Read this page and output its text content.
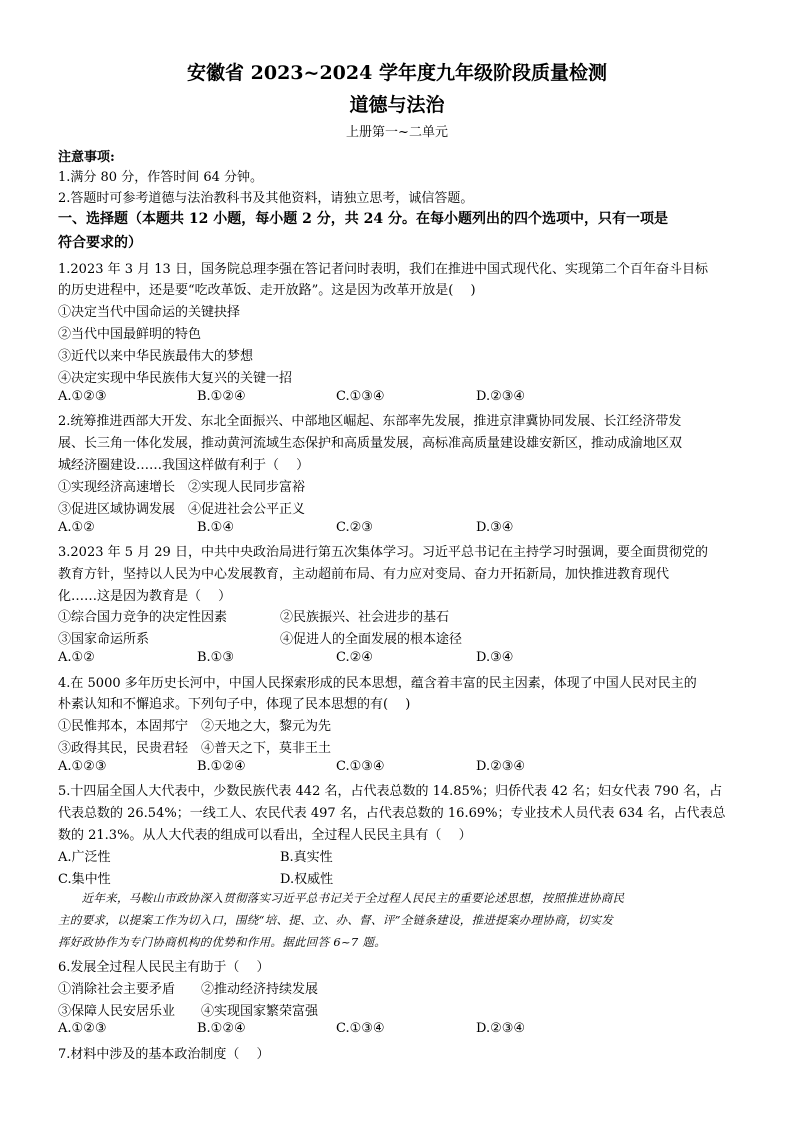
安徽省 2023~2024 学年度九年级阶段质量检测
道德与法治
上册第一~二单元
注意事项:
1.满分 80 分，作答时间 64 分钟。
2.答题时可参考道德与法治教科书及其他资料，请独立思考，诚信答题。
一、选择题（本题共 12 小题，每小题 2 分，共 24 分。在每小题列出的四个选项中，只有一项是
符合要求的）
1.2023 年 3 月 13 日，国务院总理李强在答记者问时表明，我们在推进中国式现代化、实现第二个百年奋斗目标
的历史进程中，还是要“吃改革饭、走开放路”。这是因为改革开放是(　 )
①决定当代中国命运的关键抉择
②当代中国最鲜明的特色
③近代以来中华民族最伟大的梦想
④决定实现中华民族伟大复兴的关键一招
A.①②③	B.①②④	C.①③④	D.②③④
2.统筹推进西部大开发、东北全面振兴、中部地区崛起、东部率先发展，推进京津冀协同发展、长江经济带发
展、长三角一体化发展，推动黄河流域生态保护和高质量发展，高标准高质量建设雄安新区，推动成渝地区双
城经济圈建设……我国这样做有利于（　 ）
①实现经济高速增长　②实现人民同步富裕
③促进区域协调发展　④促进社会公平正义
A.①②	B.①④	C.②③	D.③④
3.2023 年 5 月 29 日，中共中央政治局进行第五次集体学习。习近平总书记在主持学习时强调，要全面贯彻党的
教育方针，坚持以人民为中心发展教育，主动超前布局、有力应对变局、奋力开拓新局，加快推进教育现代
化……这是因为教育是（　 ）
①综合国力竞争的决定性因素	②民族振兴、社会进步的基石
③国家命运所系	④促进人的全面发展的根本途径
A.①②	B.①③	C.②④	D.③④
4.在 5000 多年历史长河中，中国人民探索形成的民本思想，蕴含着丰富的民主因素，体现了中国人民对民主的
朴素认知和不懈追求。下列句子中，体现了民本思想的有(　 )
①民惟邦本，本固邦宁　②天地之大，黎元为先
③政得其民，民贵君轻　④普天之下，莫非王土
A.①②③	B.①②④	C.①③④	D.②③④
5.十四届全国人大代表中，少数民族代表 442 名，占代表总数的 14.85%；归侨代表 42 名；妇女代表 790 名，占
代表总数的 26.54%；一线工人、农民代表 497 名，占代表总数的 16.69%；专业技术人员代表 634 名，占代表总
数的 21.3%。从人大代表的组成可以看出，全过程人民民主具有（　 ）
A.广泛性	B.真实性
C.集中性	D.权威性
　　近年来，马鞍山市政协深入贯彻落实习近平总书记关于全过程人民民主的重要论述思想，按照推进协商民
主的要求，以提案工作为切入口，围绕“培、提、立、办、督、评”全链条建设，推进提案办理协商，切实发
挥好政协作为专门协商机构的优势和作用。据此回答 6~7 题。
6.发展全过程人民民主有助于（　 ）
①消除社会主要矛盾　　②推动经济持续发展
③保障人民安居乐业　　④实现国家繁荣富强
A.①②③	B.①②④	C.①③④	D.②③④
7.材料中涉及的基本政治制度（　 ）
